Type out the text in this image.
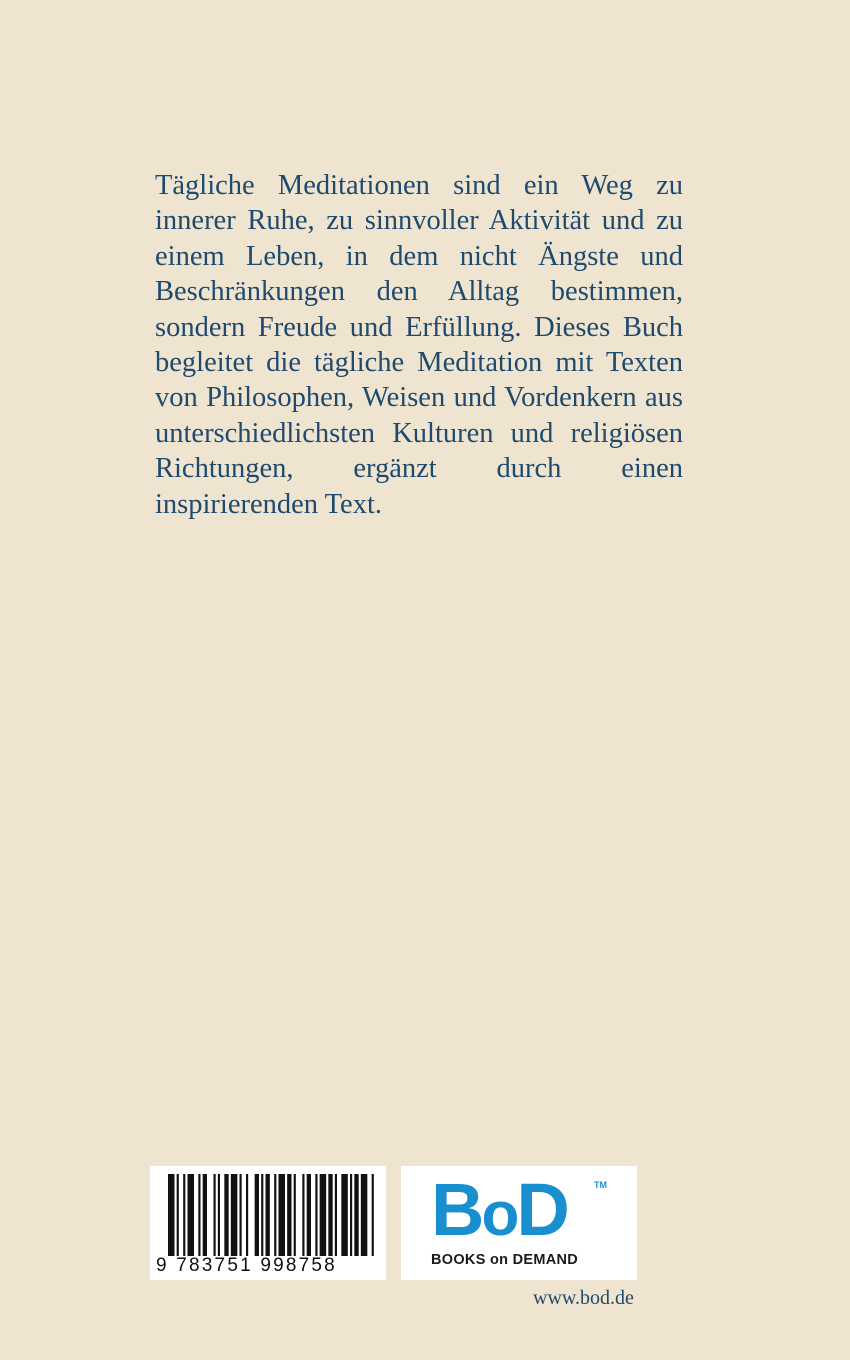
Tägliche Meditationen sind ein Weg zu innerer Ruhe, zu sinnvoller Aktivität und zu einem Leben, in dem nicht Ängste und Beschränkungen den Alltag bestimmen, sondern Freude und Erfüllung. Dieses Buch begleitet die tägliche Meditation mit Texten von Philosophen, Weisen und Vordenkern aus unterschiedlichsten Kulturen und religiösen Richtungen, ergänzt durch einen inspirierenden Text.

9 783751 998758
BoD	TM
BOOKS on DEMAND
www.bod.de
